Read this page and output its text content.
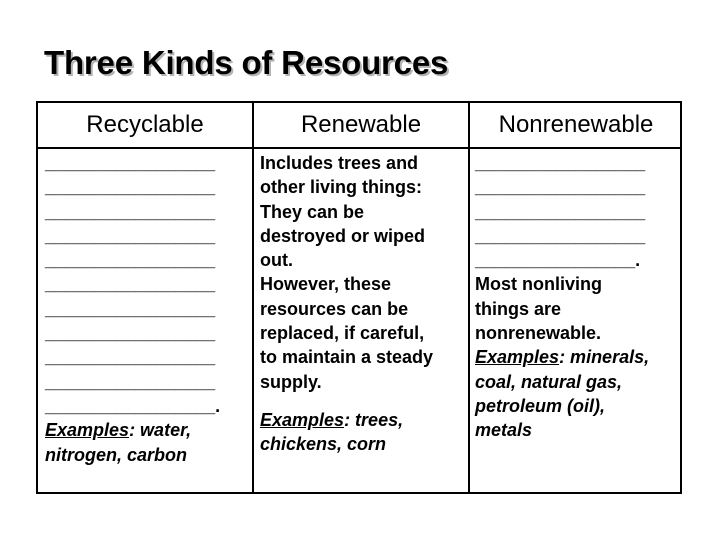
Three Kinds of Resources
Recyclable	Renewable	Nonrenewable
_________________
_________________
_________________
_________________
_________________
_________________
_________________
_________________
_________________
_________________
_________________.
Examples: water,
nitrogen, carbon
Includes trees and
other living things:
They can be
destroyed or wiped
out.
However, these
resources can be
replaced, if careful,
to maintain a steady
supply.
Examples: trees,
chickens, corn
_________________
_________________
_________________
_________________
________________.
Most nonliving
things are
nonrenewable.
Examples: minerals,
coal, natural gas,
petroleum (oil),
metals
